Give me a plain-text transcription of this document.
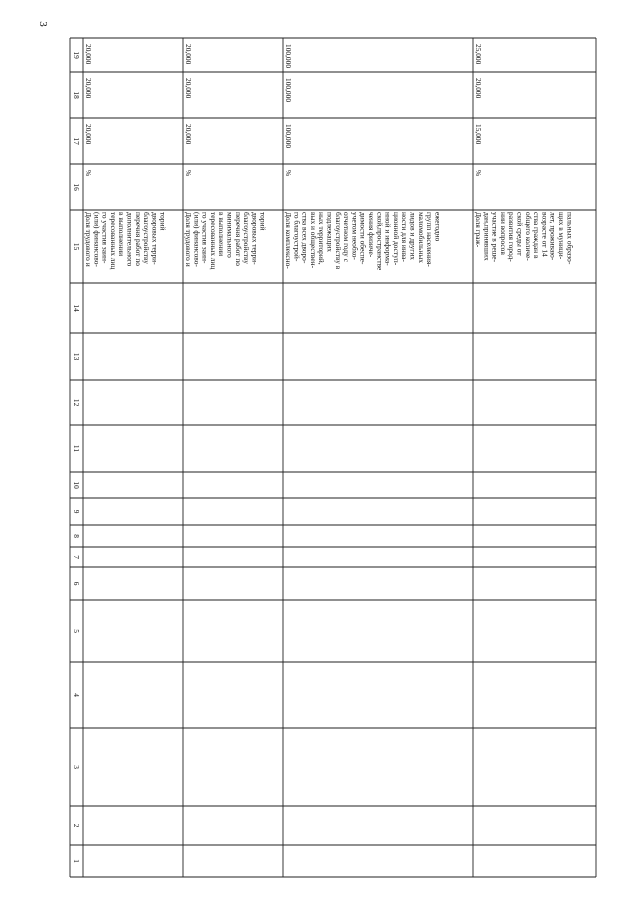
3
1
2
3
4
5
6
7
8
9
10
11
12
13
14
15
16
17
18
19
Доля трудового и (или) финансово- го участия заин- тересованных лиц в выполнении дополнительного перечня работ по благоустройству дворовых терри- торий
%
20,000
20,000
20,000
Доля трудового и (или) финансово- го участия заин- тересованных лиц в выполнении минимального перечня работ по благоустройству дворовых терри- торий
%
20,000
20,000
20,000
Доля комплексно- го благоустрой- ства всех дворо- вых и обществен- ных территорий, подлежащих благоустройству в отчетном году с учетом необхо- димости обеспе- чения физиче- ской,пространстве нной и информа- ционной доступ- ности для инва- лидов и других маломобильных групп населения- ежегодно
%
100,000
100,000
100,000
Доля граж- дан,принявших участие в реше- нии вопросов развития город- ской среды от общего количе- ства граждан в возрасте от 14 лет, проживаю- щих в муници- пальных образо-
%
15,000
20,000
25,000
